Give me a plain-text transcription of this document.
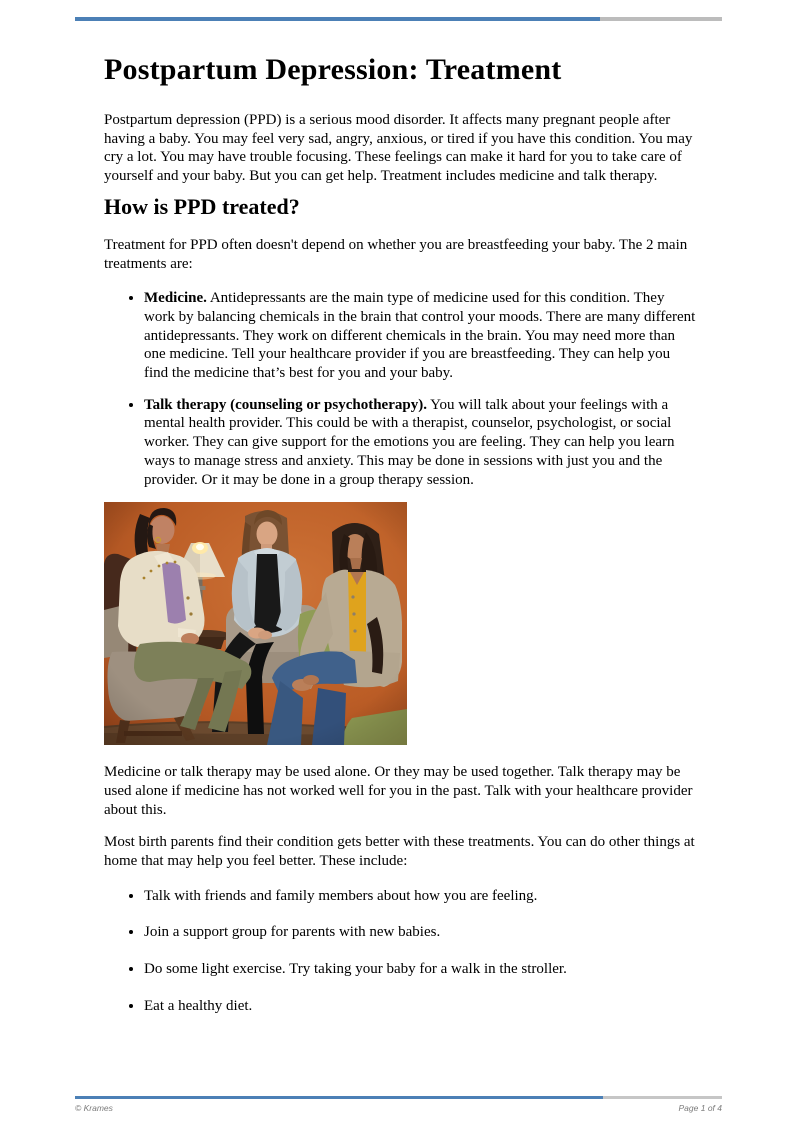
Postpartum Depression: Treatment

Postpartum depression (PPD) is a serious mood disorder. It affects many pregnant people after having a baby. You may feel very sad, angry, anxious, or tired if you have this condition. You may cry a lot. You may have trouble focusing. These feelings can make it hard for you to take care of yourself and your baby. But you can get help. Treatment includes medicine and talk therapy.

How is PPD treated?

Treatment for PPD often doesn't depend on whether you are breastfeeding your baby. The 2 main treatments are:

• Medicine. Antidepressants are the main type of medicine used for this condition. They work by balancing chemicals in the brain that control your moods. There are many different antidepressants. They work on different chemicals in the brain. You may need more than one medicine. Tell your healthcare provider if you are breastfeeding. They can help you find the medicine that’s best for you and your baby.
• Talk therapy (counseling or psychotherapy). You will talk about your feelings with a mental health provider. This could be with a therapist, counselor, psychologist, or social worker. They can give support for the emotions you are feeling. They can help you learn ways to manage stress and anxiety. This may be done in sessions with just you and the provider. Or it may be done in a group therapy session.

Medicine or talk therapy may be used alone. Or they may be used together. Talk therapy may be used alone if medicine has not worked well for you in the past. Talk with your healthcare provider about this.

Most birth parents find their condition gets better with these treatments. You can do other things at home that may help you feel better. These include:

• Talk with friends and family members about how you are feeling.
• Join a support group for parents with new babies.
• Do some light exercise. Try taking your baby for a walk in the stroller.
• Eat a healthy diet.
© Krames	Page 1 of 4
